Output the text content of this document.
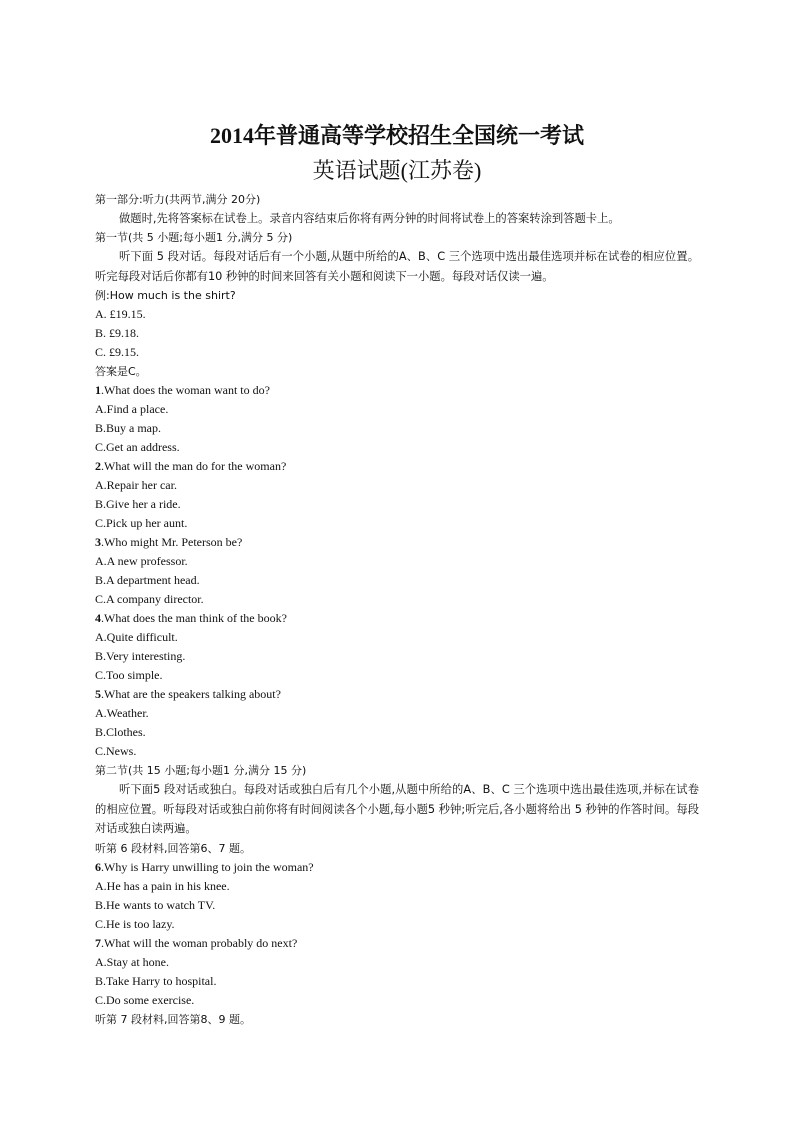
2014年普通高等学校招生全国统一考试
英语试题(江苏卷)
第一部分:听力(共两节,满分 20分)
做题时,先将答案标在试卷上。录音内容结束后你将有两分钟的时间将试卷上的答案转涂到答题卡上。
第一节(共 5 小题;每小题1 分,满分 5 分)
听下面 5 段对话。每段对话后有一个小题,从题中所给的A、B、C 三个选项中选出最佳选项并标在试卷的相应位置。听完每段对话后你都有10 秒钟的时间来回答有关小题和阅读下一小题。每段对话仅读一遍。
例:How much is the shirt?
A. £19.15.
B. £9.18.
C. £9.15.
答案是C。
1.What does the woman want to do?
A.Find a place.
B.Buy a map.
C.Get an address.
2.What will the man do for the woman?
A.Repair her car.
B.Give her a ride.
C.Pick up her aunt.
3.Who might Mr. Peterson be?
A.A new professor.
B.A department head.
C.A company director.
4.What does the man think of the book?
A.Quite difficult.
B.Very interesting.
C.Too simple.
5.What are the speakers talking about?
A.Weather.
B.Clothes.
C.News.
第二节(共 15 小题;每小题1 分,满分 15 分)
听下面5 段对话或独白。每段对话或独白后有几个小题,从题中所给的A、B、C 三个选项中选出最佳选项,并标在试卷的相应位置。听每段对话或独白前你将有时间阅读各个小题,每小题5 秒钟;听完后,各小题将给出 5 秒钟的作答时间。每段对话或独白读两遍。
听第 6 段材料,回答第6、7 题。
6.Why is Harry unwilling to join the woman?
A.He has a pain in his knee.
B.He wants to watch TV.
C.He is too lazy.
7.What will the woman probably do next?
A.Stay at hone.
B.Take Harry to hospital.
C.Do some exercise.
听第 7 段材料,回答第8、9 题。
